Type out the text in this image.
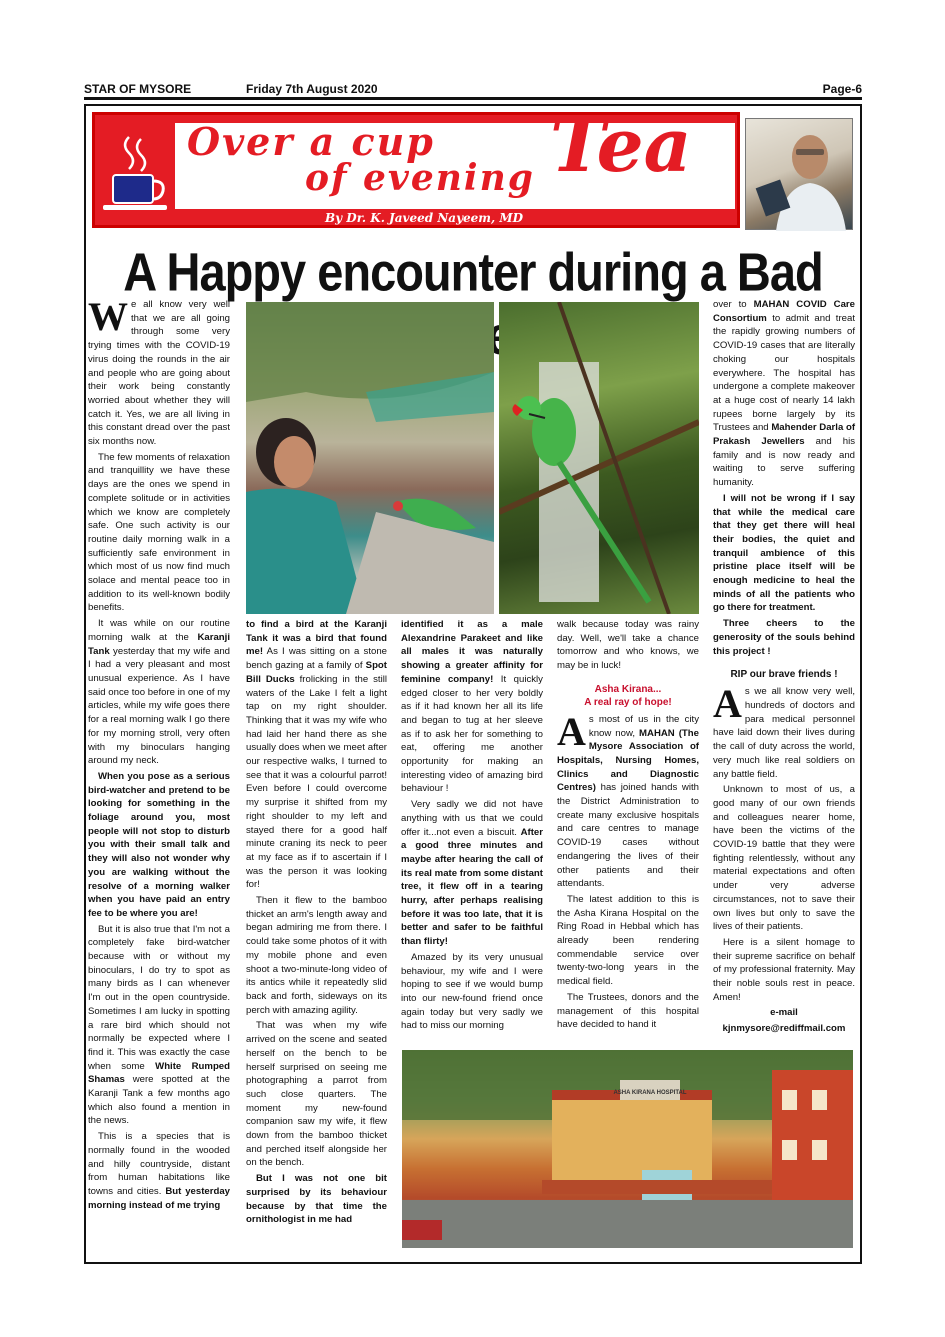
STAR OF MYSORE	Friday 7th August 2020	Page-6
Over a cup
of evening Tea
By Dr. K. Javeed Nayeem, MD
A Happy encounter during a Bad

We all know very well that we are all going through some very trying times with the COVID-19 virus doing the rounds in the air and people who are going about their work being constantly worried about whether they will catch it. Yes, we are all living in this constant dread over the past six months now.

The few moments of relaxation and tranquillity we have these days are the ones we spend in complete solitude or in activities which we know are completely safe. One such activity is our routine daily morning walk in a sufficiently safe environment in which most of us now find much solace and mental peace too in addition to its well-known bodily benefits.

It was while on our routine morning walk at the Karanji Tank yesterday that my wife and I had a very pleasant and most unusual experience. As I have said once too before in one of my articles, while my wife goes there for a real morning walk I go there for my morning stroll, very often with my binoculars hanging around my neck.

When you pose as a serious bird-watcher and pretend to be looking for something in the foliage around you, most people will not stop to disturb you with their small talk and they will also not wonder why you are walking without the resolve of a morning walker when you have paid an entry fee to be where you are!

But it is also true that I'm not a completely fake bird-watcher because with or without my binoculars, I do try to spot as many birds as I can whenever I'm out in the open countryside. Sometimes I am lucky in spotting a rare bird which should not normally be expected where I find it. This was exactly the case when some White Rumped Shamas were spotted at the Karanji Tank a few months ago which also found a mention in the news.

This is a species that is normally found in the wooded and hilly countryside, distant from human habitations like towns and cities. But yesterday morning instead of me trying

to find a bird at the Karanji Tank it was a bird that found me! As I was sitting on a stone bench gazing at a family of Spot Bill Ducks frolicking in the still waters of the Lake I felt a light tap on my right shoulder. Thinking that it was my wife who had laid her hand there as she usually does when we meet after our respective walks, I turned to see that it was a colourful parrot! Even before I could overcome my surprise it shifted from my right shoulder to my left and stayed there for a good half minute craning its neck to peer at my face as if to ascertain if I was the person it was looking for!

Then it flew to the bamboo thicket an arm's length away and began admiring me from there. I could take some photos of it with my mobile phone and even shoot a two-minute-long video of its antics while it repeatedly slid back and forth, sideways on its perch with amazing agility.

That was when my wife arrived on the scene and seated herself on the bench to be herself surprised on seeing me photographing a parrot from such close quarters. The moment my new-found companion saw my wife, it flew down from the bamboo thicket and perched itself alongside her on the bench.

But I was not one bit surprised by its behaviour because by that time the ornithologist in me had

identified it as a male Alexandrine Parakeet and like all males it was naturally showing a greater affinity for feminine company! It quickly edged closer to her very boldly as if it had known her all its life and began to tug at her sleeve as if to ask her for something to eat, offering me another opportunity for making an interesting video of amazing bird behaviour !

Very sadly we did not have anything with us that we could offer it...not even a biscuit. After a good three minutes and maybe after hearing the call of its real mate from some distant tree, it flew off in a tearing hurry, after perhaps realising before it was too late, that it is better and safer to be faithful than flirty!

Amazed by its very unusual behaviour, my wife and I were hoping to see if we would bump into our new-found friend once again today but very sadly we had to miss our morning

walk because today was rainy day. Well, we'll take a chance tomorrow and who knows, we may be in luck!

Asha Kirana...
A real ray of hope!

As most of us in the city know now, MAHAN (The Mysore Association of Hospitals, Nursing Homes, Clinics and Diagnostic Centres) has joined hands with the District Administration to create many exclusive hospitals and care centres to manage COVID-19 cases without endangering the lives of their other patients and their attendants.

The latest addition to this is the Asha Kirana Hospital on the Ring Road in Hebbal which has already been rendering commendable service over twenty-two-long years in the medical field.

The Trustees, donors and the management of this hospital have decided to hand it

over to MAHAN COVID Care Consortium to admit and treat the rapidly growing numbers of COVID-19 cases that are literally choking our hospitals everywhere. The hospital has undergone a complete makeover at a huge cost of nearly 14 lakh rupees borne largely by its Trustees and Mahender Darla of Prakash Jewellers and his family and is now ready and waiting to serve suffering humanity.

I will not be wrong if I say that while the medical care that they get there will heal their bodies, the quiet and tranquil ambience of this pristine place itself will be enough medicine to heal the minds of all the patients who go there for treatment.

Three cheers to the generosity of the souls behind this project !

RIP our brave friends !

As we all know very well, hundreds of doctors and para medical personnel have laid down their lives during the call of duty across the world, very much like real soldiers on any battle field.

Unknown to most of us, a good many of our own friends and colleagues nearer home, have been the victims of the COVID-19 battle that they were fighting relentlessly, without any material expectations and often under very adverse circumstances, not to save their own lives but only to save the lives of their patients.

Here is a silent homage to their supreme sacrifice on behalf of my professional fraternity. May their noble souls rest in peace. Amen!

e-mail

kjnmysore@rediffmail.com

ASHA KIRANA HOSPITAL
